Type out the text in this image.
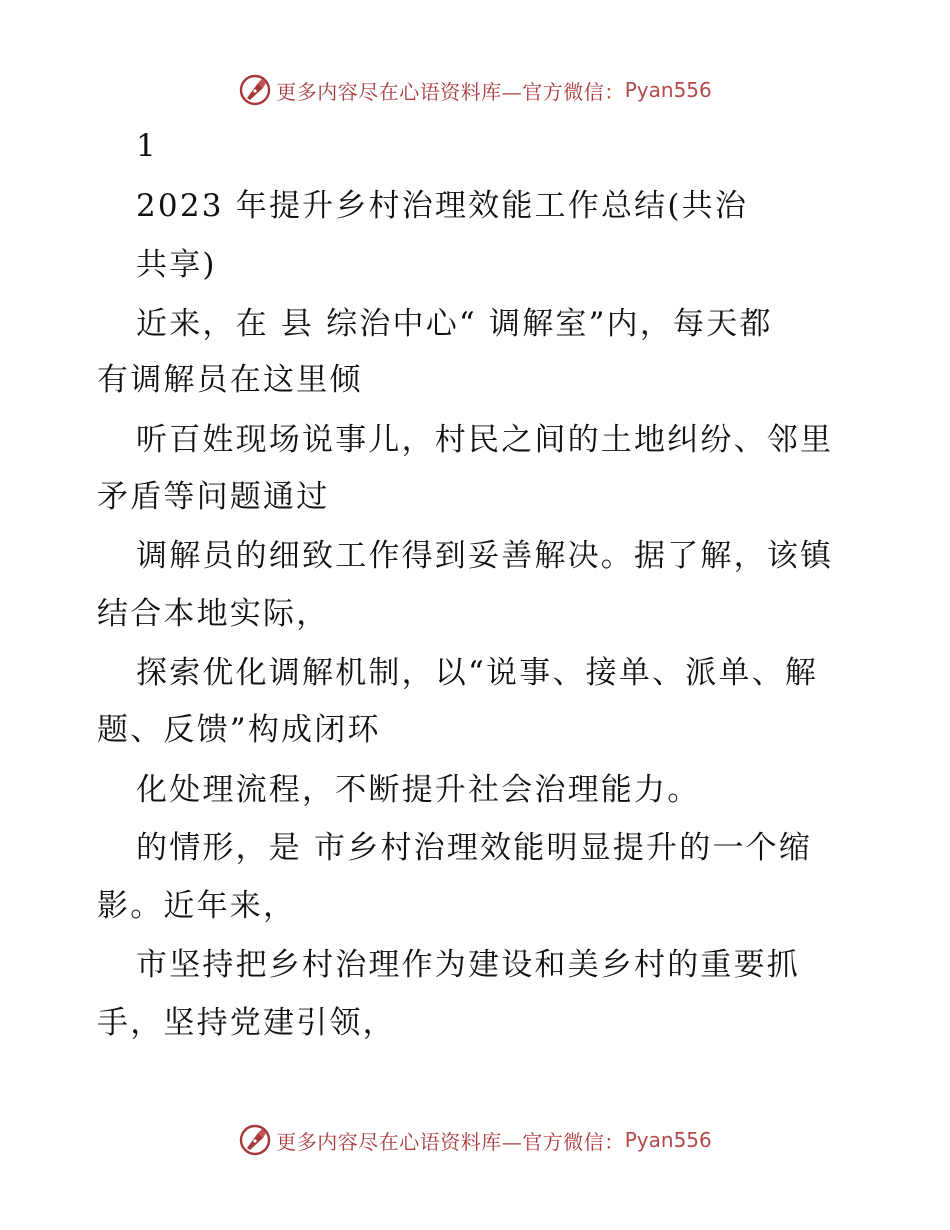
更多内容尽在心语资料库—官方微信： Pyan556
1
2023 年提升乡村治理效能工作总结(共治
共享)
近来，在 县 综治中心“ 调解室”内，每天都
有调解员在这里倾
听百姓现场说事儿，村民之间的土地纠纷、邻里
矛盾等问题通过
调解员的细致工作得到妥善解决。据了解，该镇
结合本地实际，
探索优化调解机制，以“说事、接单、派单、解
题、反馈”构成闭环
化处理流程，不断提升社会治理能力。
的情形，是 市乡村治理效能明显提升的一个缩
影。近年来，
市坚持把乡村治理作为建设和美乡村的重要抓
手，坚持党建引领，
更多内容尽在心语资料库—官方微信： Pyan556
